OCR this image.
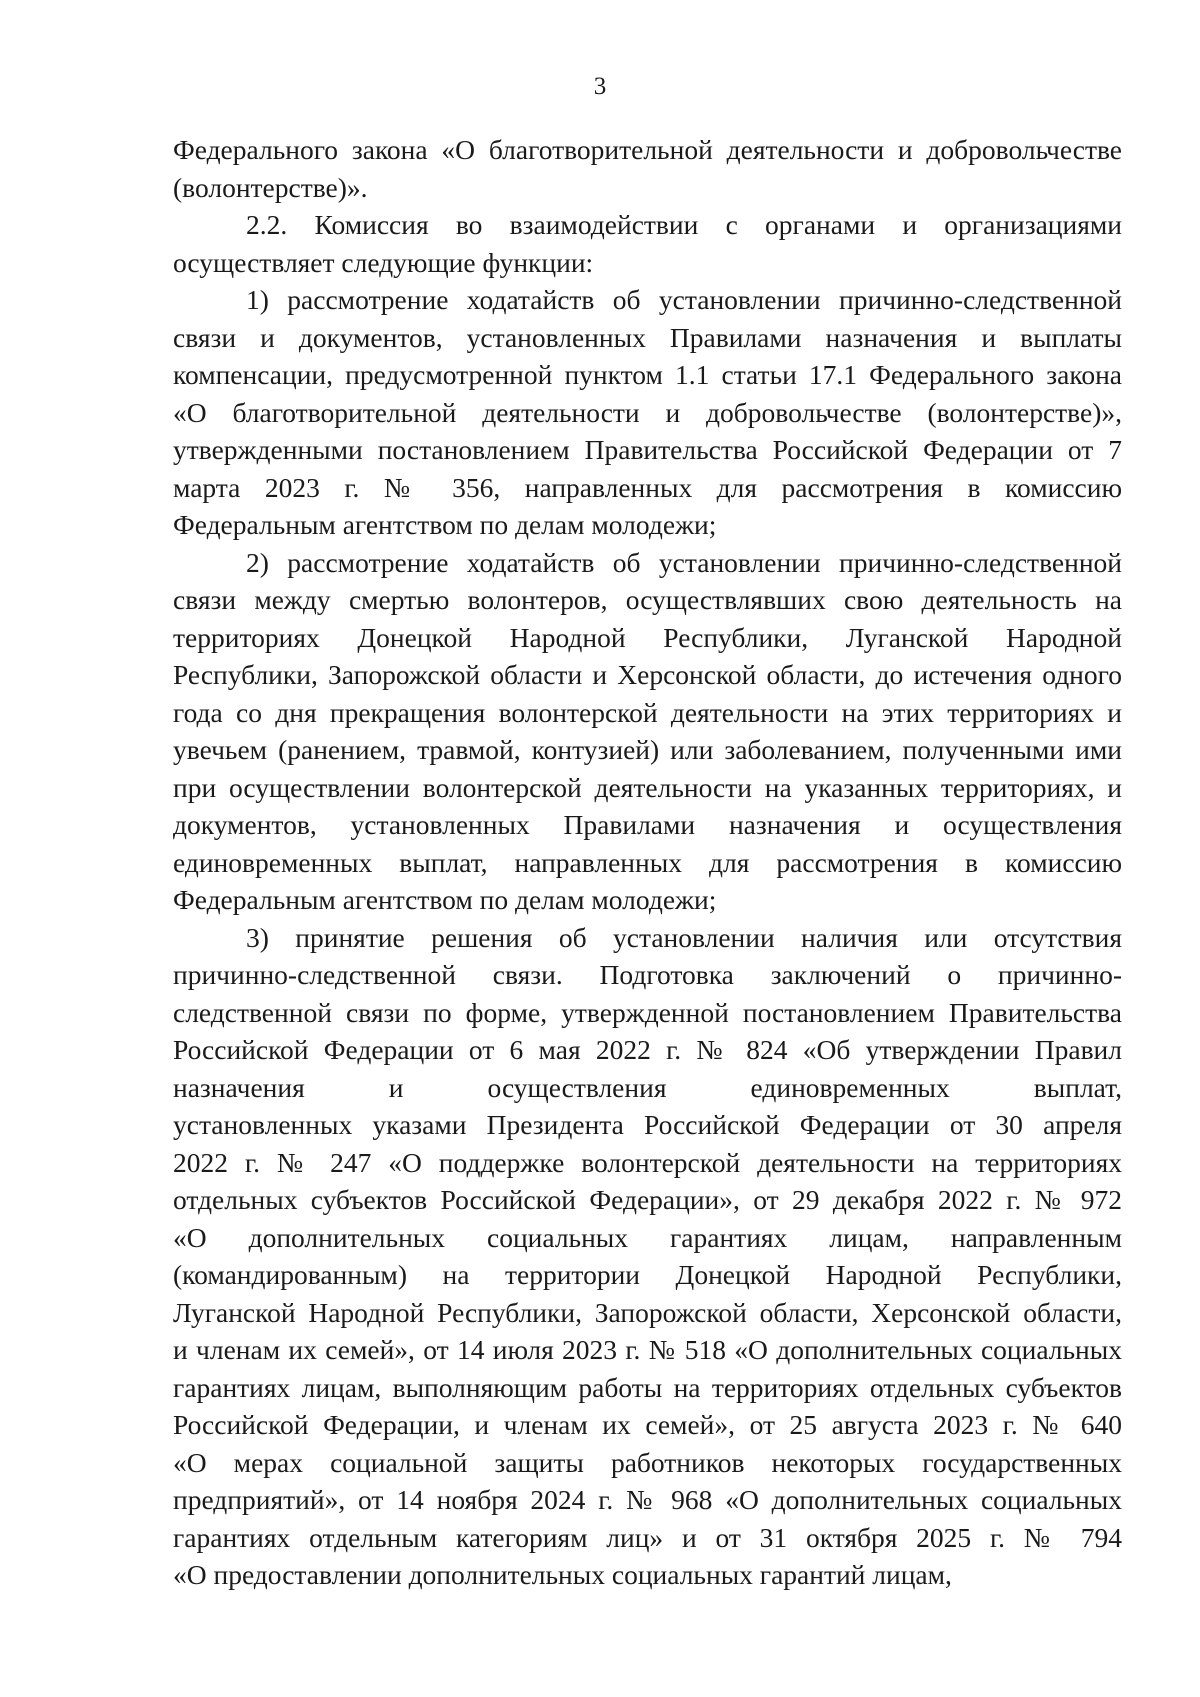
3
Федерального закона «О благотворительной деятельности и добровольчестве
(волонтерстве)».
2.2. Комиссия во взаимодействии с органами и организациями
осуществляет следующие функции:
1) рассмотрение ходатайств об установлении причинно-следственной
связи и документов, установленных Правилами назначения и выплаты
компенсации, предусмотренной пунктом 1.1 статьи 17.1 Федерального закона
«О благотворительной деятельности и добровольчестве (волонтерстве)»,
утвержденными постановлением Правительства Российской Федерации от 7
марта 2023 г. № 356, направленных для рассмотрения в комиссию
Федеральным агентством по делам молодежи;
2) рассмотрение ходатайств об установлении причинно-следственной
связи между смертью волонтеров, осуществлявших свою деятельность на
территориях Донецкой Народной Республики, Луганской Народной
Республики, Запорожской области и Херсонской области, до истечения одного
года со дня прекращения волонтерской деятельности на этих территориях и
увечьем (ранением, травмой, контузией) или заболеванием, полученными ими
при осуществлении волонтерской деятельности на указанных территориях, и
документов, установленных Правилами назначения и осуществления
единовременных выплат, направленных для рассмотрения в комиссию
Федеральным агентством по делам молодежи;
3) принятие решения об установлении наличия или отсутствия
причинно-следственной связи. Подготовка заключений о причинно-
следственной связи по форме, утвержденной постановлением Правительства
Российской Федерации от 6 мая 2022 г. № 824 «Об утверждении Правил
назначения и осуществления единовременных выплат,
установленных указами Президента Российской Федерации от 30 апреля
2022 г. № 247 «О поддержке волонтерской деятельности на территориях
отдельных субъектов Российской Федерации», от 29 декабря 2022 г. № 972
«О дополнительных социальных гарантиях лицам, направленным
(командированным) на территории Донецкой Народной Республики,
Луганской Народной Республики, Запорожской области, Херсонской области,
и членам их семей», от 14 июля 2023 г. № 518 «О дополнительных социальных
гарантиях лицам, выполняющим работы на территориях отдельных субъектов
Российской Федерации, и членам их семей», от 25 августа 2023 г. № 640
«О мерах социальной защиты работников некоторых государственных
предприятий», от 14 ноября 2024 г. № 968 «О дополнительных социальных
гарантиях отдельным категориям лиц» и от 31 октября 2025 г. № 794
«О предоставлении дополнительных социальных гарантий лицам,
